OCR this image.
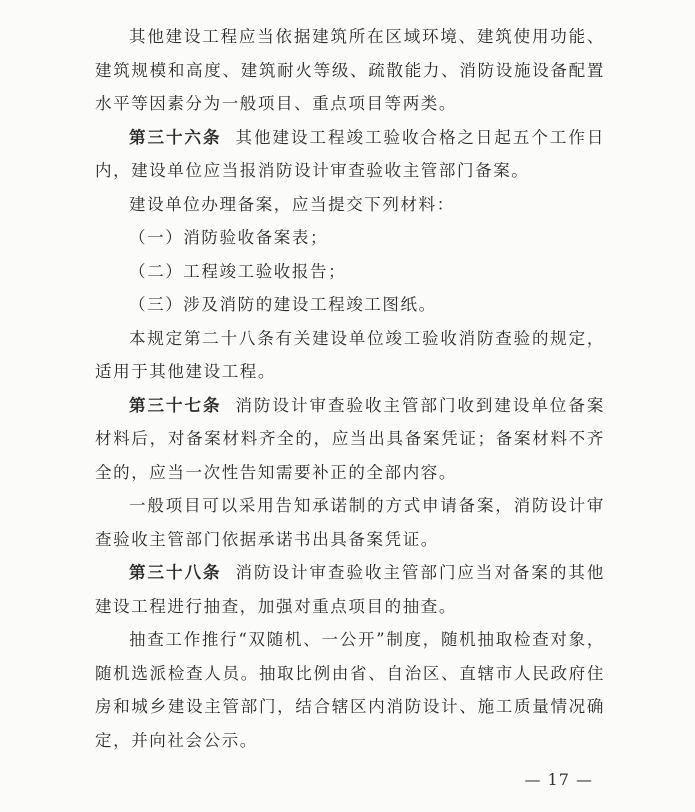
其他建设工程应当依据建筑所在区域环境、建筑使用功能、建筑规模和高度、建筑耐火等级、疏散能力、消防设施设备配置水平等因素分为一般项目、重点项目等两类。

第三十六条 其他建设工程竣工验收合格之日起五个工作日内，建设单位应当报消防设计审查验收主管部门备案。

建设单位办理备案，应当提交下列材料：

（一）消防验收备案表；

（二）工程竣工验收报告；

（三）涉及消防的建设工程竣工图纸。

本规定第二十八条有关建设单位竣工验收消防查验的规定，适用于其他建设工程。

第三十七条 消防设计审查验收主管部门收到建设单位备案材料后，对备案材料齐全的，应当出具备案凭证；备案材料不齐全的，应当一次性告知需要补正的全部内容。

一般项目可以采用告知承诺制的方式申请备案，消防设计审查验收主管部门依据承诺书出具备案凭证。

第三十八条 消防设计审查验收主管部门应当对备案的其他建设工程进行抽查，加强对重点项目的抽查。

抽查工作推行“双随机、一公开”制度，随机抽取检查对象，随机选派检查人员。抽取比例由省、自治区、直辖市人民政府住房和城乡建设主管部门，结合辖区内消防设计、施工质量情况确定，并向社会公示。

— 17 —
